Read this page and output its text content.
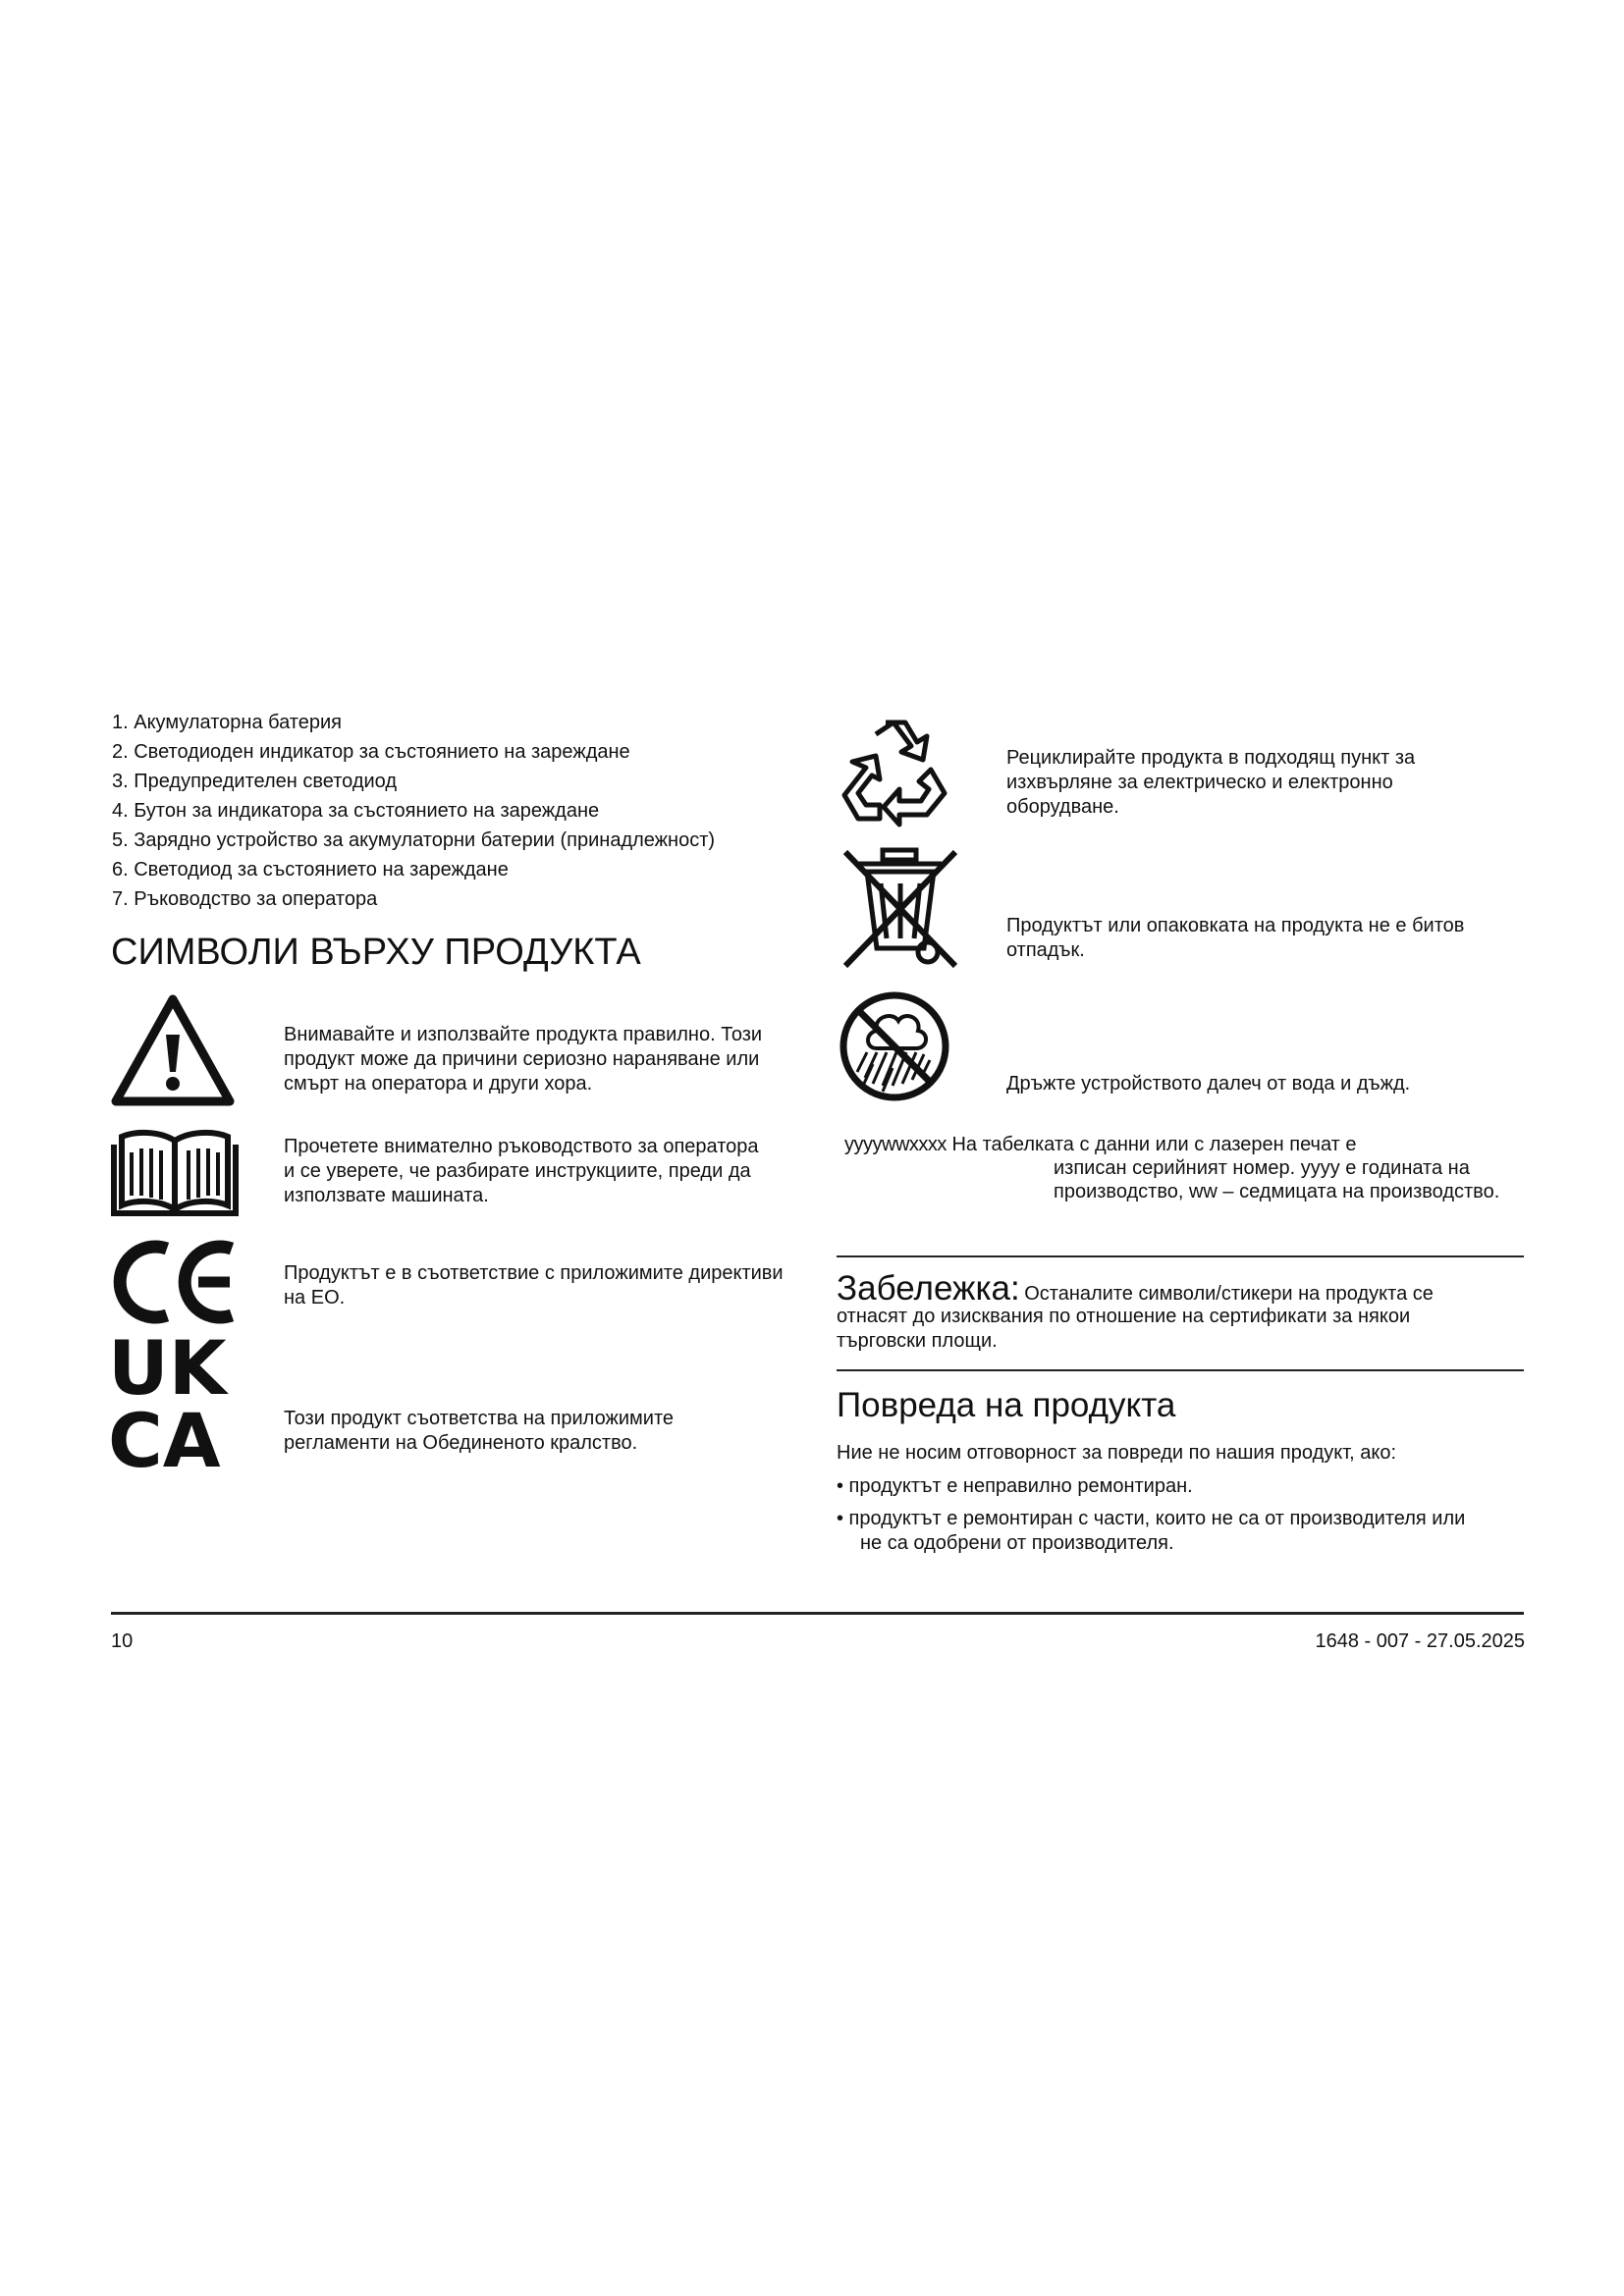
1. Акумулаторна батерия
2. Светодиоден индикатор за състоянието на зареждане
3. Предупредителен светодиод
4. Бутон за индикатора за състоянието на зареждане
5. Зарядно устройство за акумулаторни батерии (принадлежност)
6. Светодиод за състоянието на зареждане
7. Ръководство за оператора
СИМВОЛИ ВЪРХУ ПРОДУКТА
Внимавайте и използвайте продукта правилно. Този
продукт може да причини сериозно нараняване или
смърт на оператора и други хора.
Прочетете внимателно ръководството за оператора
и се уверете, че разбирате инструкциите, преди да
използвате машината.
Продуктът е в съответствие с приложимите директиви
на ЕО.
UK
CA	Този продукт съответства на приложимите
регламенти на Обединеното кралство.
Рециклирайте продукта в подходящ пункт за
изхвърляне за електрическо и електронно
оборудване.
Продуктът или опаковката на продукта не е битов
отпадък.
Дръжте устройството далеч от вода и дъжд.
yyyywwxxxx На табелката с данни или с лазерен печат е
изписан серийният номер. yyyy е годината на
производство, ww – седмицата на производство.
Забележка: Останалите символи/стикери на продукта се
отнасят до изисквания по отношение на сертификати за някои
търговски площи.
Повреда на продукта
Ние не носим отговорност за повреди по нашия продукт, ако:
• продуктът е неправилно ремонтиран.
• продуктът е ремонтиран с части, които не са от производителя или
не са одобрени от производителя.
10	1648 - 007 - 27.05.2025
